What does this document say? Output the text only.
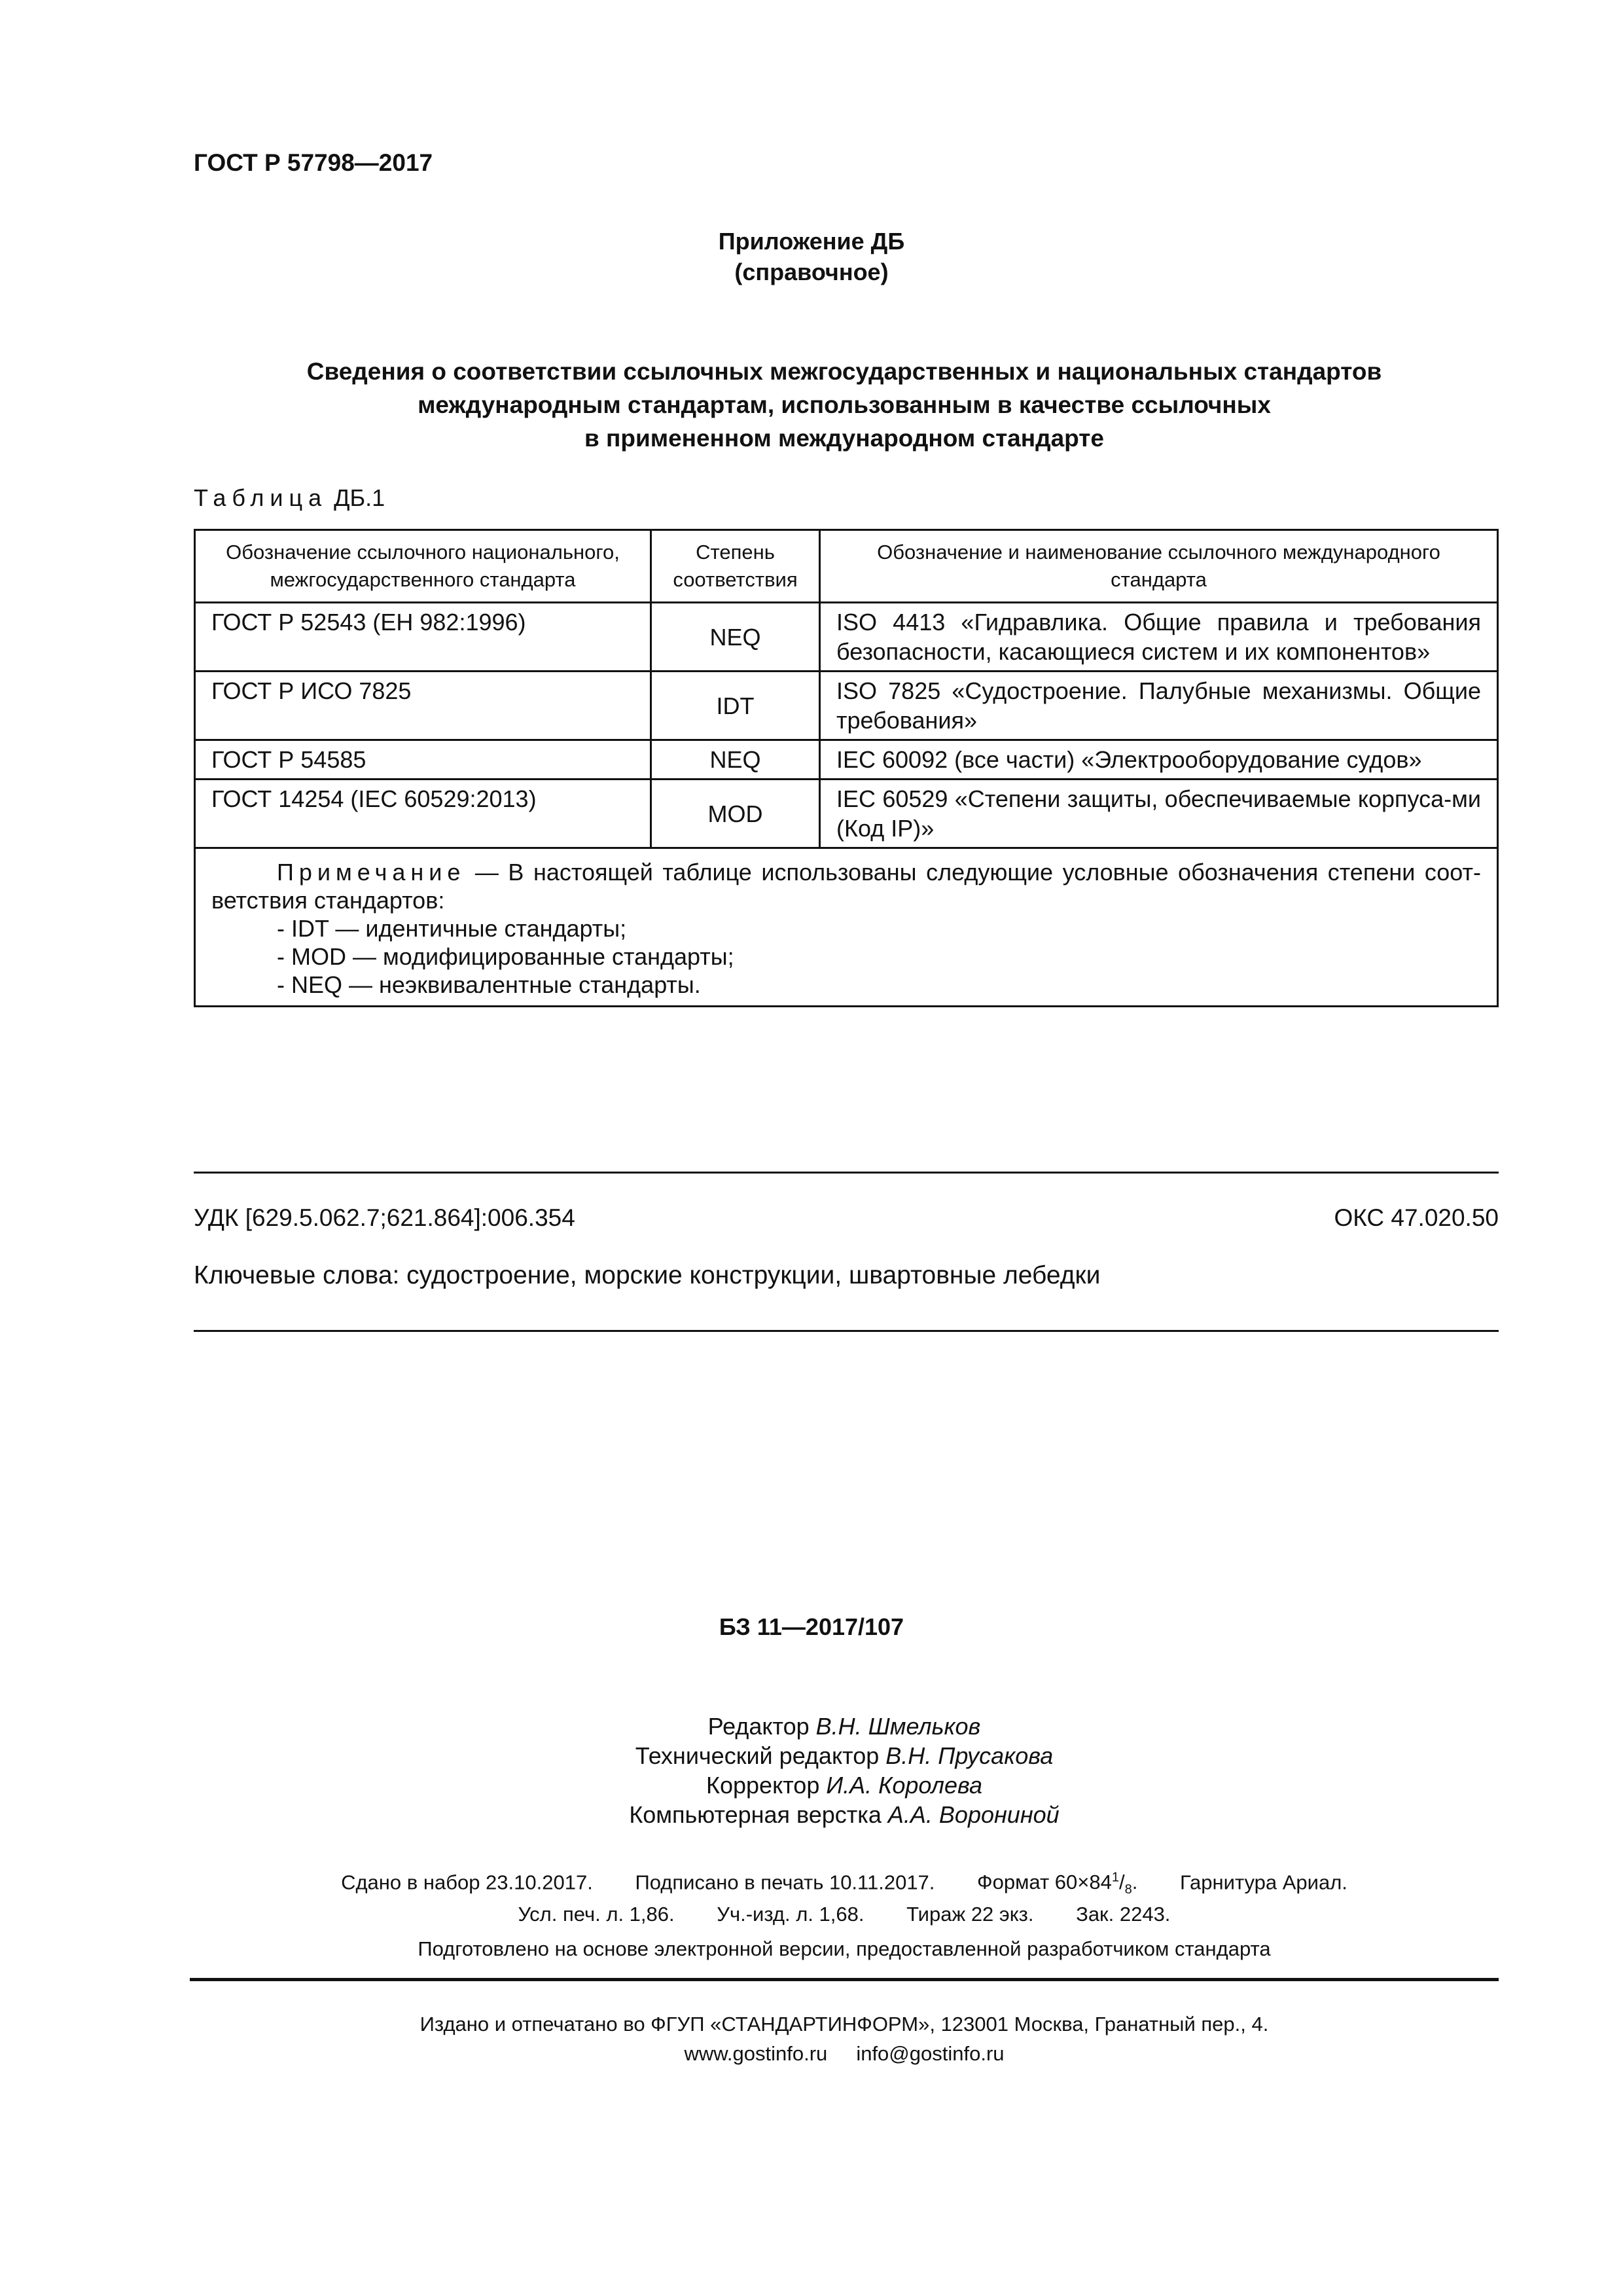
ГОСТ Р 57798—2017
Приложение ДБ
(справочное)
Сведения о соответствии ссылочных межгосударственных и национальных стандартов
международным стандартам, использованным в качестве ссылочных
в примененном международном стандарте
Таблица ДБ.1
Обозначение ссылочного национального, межгосударственного стандарта	Степень соответствия	Обозначение и наименование ссылочного международного стандарта
ГОСТ Р 52543 (ЕН 982:1996)	NEQ	ISO 4413 «Гидравлика. Общие правила и требования безопасности, касающиеся систем и их компонентов»
ГОСТ Р ИСО 7825	IDT	ISO 7825 «Судостроение. Палубные механизмы. Общие требования»
ГОСТ Р 54585	NEQ	IEC 60092 (все части) «Электрооборудование судов»
ГОСТ 14254 (IEC 60529:2013)	MOD	IEC 60529 «Степени защиты, обеспечиваемые корпуса-ми (Код IP)»

Примечание — В настоящей таблице использованы следующие условные обозначения степени соот-ветствия стандартов:
- IDT — идентичные стандарты;
- MOD — модифицированные стандарты;
- NEQ — неэквивалентные стандарты.		
УДК [629.5.062.7;621.864]:006.354	ОКС 47.020.50
Ключевые слова: судостроение, морские конструкции, швартовные лебедки
БЗ 11—2017/107
Редактор В.Н. Шмельков
Технический редактор В.Н. Прусакова
Корректор И.А. Королева
Компьютерная верстка А.А. Ворониной
Сдано в набор 23.10.2017. Подписано в печать 10.11.2017. Формат $60\times 84^1/_8$. Гарнитура Ариал.
Усл. печ. л. 1,86. Уч.-изд. л. 1,68. Тираж 22 экз. Зак. 2243.
Подготовлено на основе электронной версии, предоставленной разработчиком стандарта
Издано и отпечатано во ФГУП «СТАНДАРТИНФОРМ», 123001 Москва, Гранатный пер., 4.
www.gostinfo.ru info@gostinfo.ru
